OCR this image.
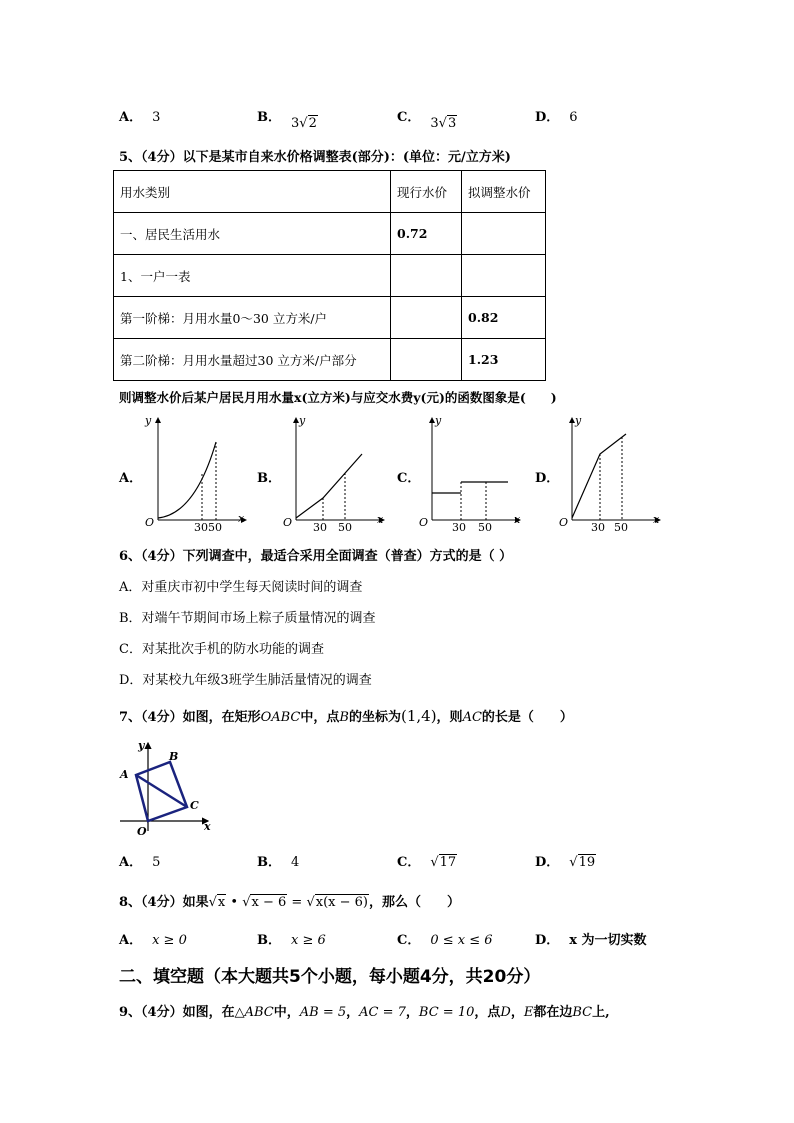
A． 3	B． 3√2	C． 3√3	D． 6
5、（4分）以下是某市自来水价格调整表(部分)：(单位：元/立方米)
用水类别	现行水价	拟调整水价
一、居民生活用水	0.72	
1、一户一表		
第一阶梯：月用水量0～30 立方米/户		0.82
第二阶梯：月用水量超过30 立方米/户部分		1.23
则调整水价后某户居民月用水量x(立方米)与应交水费y(元)的函数图象是(　　)
A．	B．	C．	D．
y
x
O	30 50
y
x
O 30 50
y
x
O 30 50
y
x
O 30 50
6、（4分）下列调查中，最适合采用全面调查（普查）方式的是（ ）
A．对重庆市初中学生每天阅读时间的调查
B．对端午节期间市场上粽子质量情况的调查
C．对某批次手机的防水功能的调查
D．对某校九年级3班学生肺活量情况的调查
7、（4分）如图，在矩形OABC中，点B的坐标为(1,4)，则AC的长是（　　）
y
x
O
A
B
C
A． 5	B． 4	C． √17	D． √19
8、（4分）如果√x • √x − 6 = √x(x − 6)，那么（　　）
A． x ≥ 0	B． x ≥ 6	C． 0 ≤ x ≤ 6	D． x 为一切实数
二、填空题（本大题共5个小题，每小题4分，共20分）
9、（4分）如图，在△ABC中，AB = 5，AC = 7，BC = 10，点D，E都在边BC上,
